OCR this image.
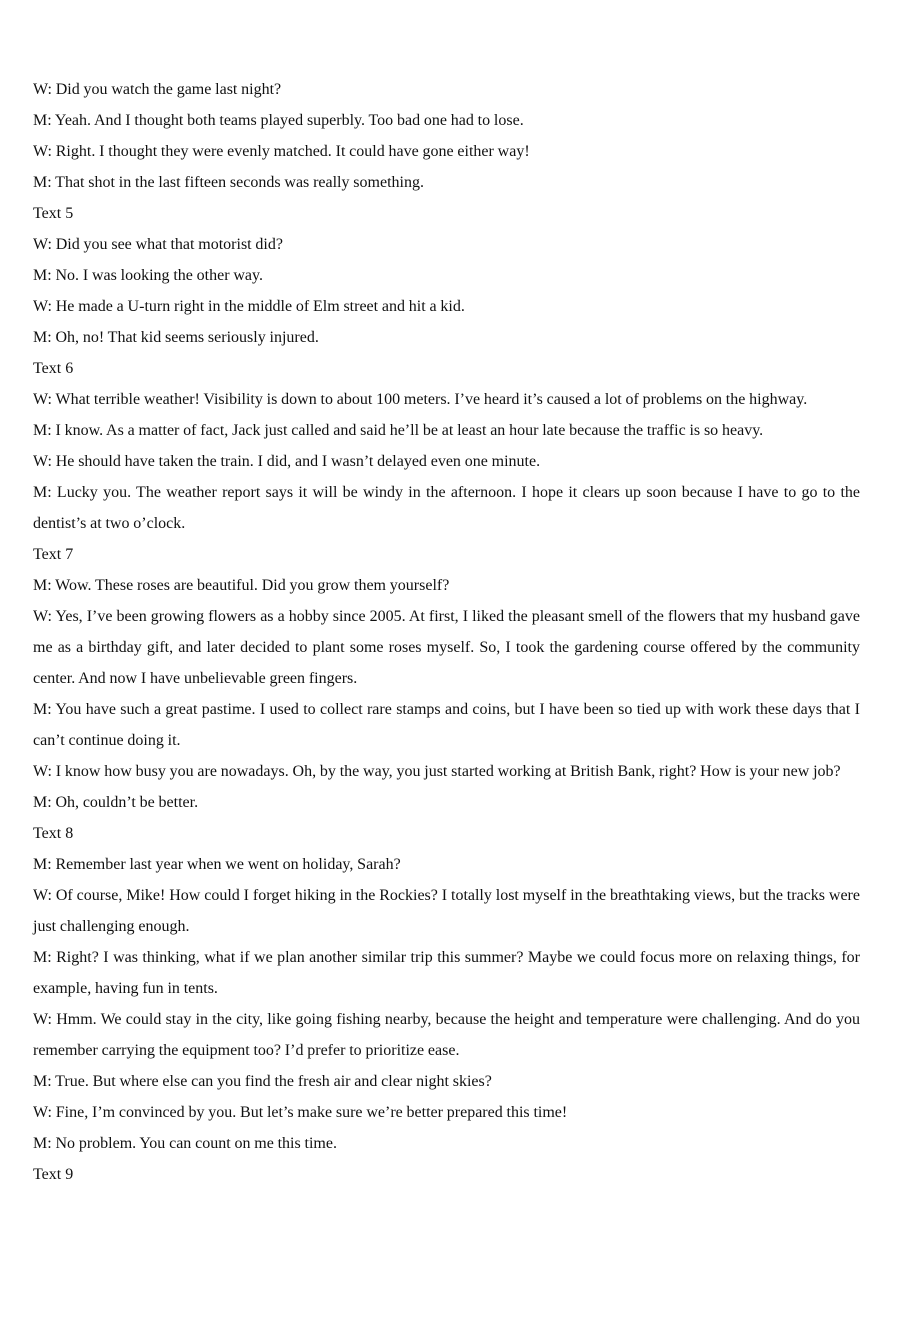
W: Did you watch the game last night?

M: Yeah. And I thought both teams played superbly. Too bad one had to lose.

W: Right. I thought they were evenly matched. It could have gone either way!

M: That shot in the last fifteen seconds was really something.

Text 5

W: Did you see what that motorist did?

M: No. I was looking the other way.

W: He made a U-turn right in the middle of Elm street and hit a kid.

M: Oh, no! That kid seems seriously injured.

Text 6

W: What terrible weather! Visibility is down to about 100 meters. I’ve heard it’s caused a lot of problems on the highway.

M: I know. As a matter of fact, Jack just called and said he’ll be at least an hour late because the traffic is so heavy.

W: He should have taken the train. I did, and I wasn’t delayed even one minute.

M: Lucky you. The weather report says it will be windy in the afternoon. I hope it clears up soon because I have to go to the dentist’s at two o’clock.

Text 7

M: Wow. These roses are beautiful. Did you grow them yourself?

W: Yes, I’ve been growing flowers as a hobby since 2005. At first, I liked the pleasant smell of the flowers that my husband gave me as a birthday gift, and later decided to plant some roses myself. So, I took the gardening course offered by the community center. And now I have unbelievable green fingers.

M: You have such a great pastime. I used to collect rare stamps and coins, but I have been so tied up with work these days that I can’t continue doing it.

W: I know how busy you are nowadays. Oh, by the way, you just started working at British Bank, right? How is your new job?

M: Oh, couldn’t be better.

Text 8

M: Remember last year when we went on holiday, Sarah?

W: Of course, Mike! How could I forget hiking in the Rockies? I totally lost myself in the breathtaking views, but the tracks were just challenging enough.

M: Right? I was thinking, what if we plan another similar trip this summer? Maybe we could focus more on relaxing things, for example, having fun in tents.

W: Hmm. We could stay in the city, like going fishing nearby, because the height and temperature were challenging. And do you remember carrying the equipment too? I’d prefer to prioritize ease.

M: True. But where else can you find the fresh air and clear night skies?

W: Fine, I’m convinced by you. But let’s make sure we’re better prepared this time!

M: No problem. You can count on me this time.

Text 9
